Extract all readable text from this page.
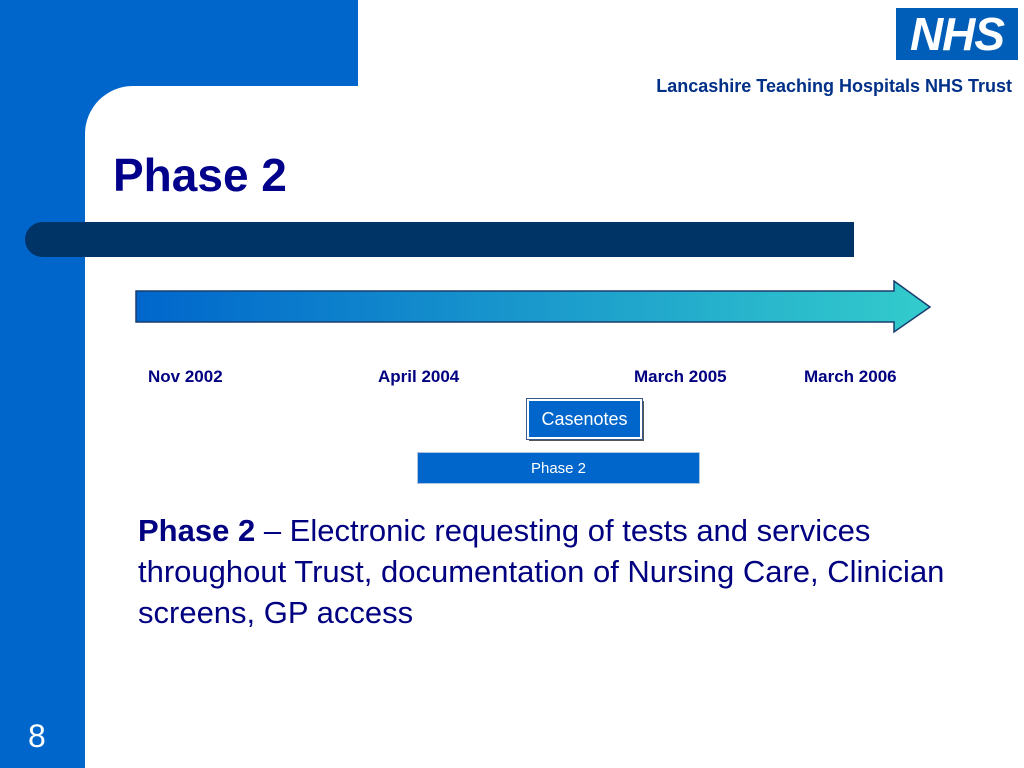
NHS
Lancashire Teaching Hospitals NHS Trust
Phase 2
Nov 2002	April 2004	March 2005	March 2006
Casenotes
Phase 2

Phase 2 – Electronic requesting of tests and services throughout Trust, documentation of Nursing Care, Clinician screens, GP access

8
